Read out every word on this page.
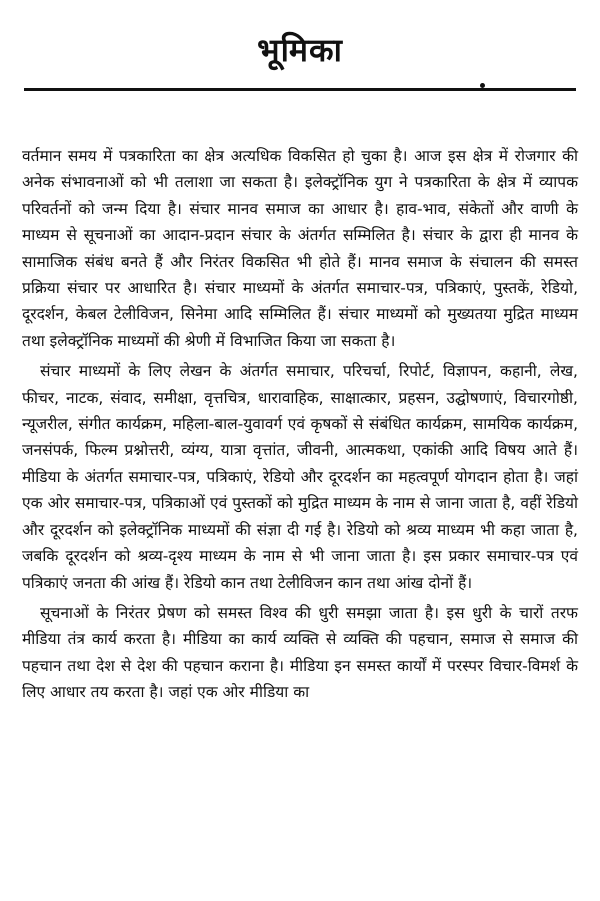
भूमिका

वर्तमान समय में पत्रकारिता का क्षेत्र अत्यधिक विकसित हो चुका है। आज इस क्षेत्र में रोजगार की अनेक संभावनाओं को भी तलाशा जा सकता है। इलेक्ट्रॉनिक युग ने पत्रकारिता के क्षेत्र में व्यापक परिवर्तनों को जन्म दिया है। संचार मानव समाज का आधार है। हाव-भाव, संकेतों और वाणी के माध्यम से सूचनाओं का आदान-प्रदान संचार के अंतर्गत सम्मिलित है। संचार के द्वारा ही मानव के सामाजिक संबंध बनते हैं और निरंतर विकसित भी होते हैं। मानव समाज के संचालन की समस्त प्रक्रिया संचार पर आधारित है। संचार माध्यमों के अंतर्गत समाचार-पत्र, पत्रिकाएं, पुस्तकें, रेडियो, दूरदर्शन, केबल टेलीविजन, सिनेमा आदि सम्मिलित हैं। संचार माध्यमों को मुख्यतया मुद्रित माध्यम तथा इलेक्ट्रॉनिक माध्यमों की श्रेणी में विभाजित किया जा सकता है।

संचार माध्यमों के लिए लेखन के अंतर्गत समाचार, परिचर्चा, रिपोर्ट, विज्ञापन, कहानी, लेख, फीचर, नाटक, संवाद, समीक्षा, वृत्तचित्र, धारावाहिक, साक्षात्कार, प्रहसन, उद्घोषणाएं, विचारगोष्ठी, न्यूजरील, संगीत कार्यक्रम, महिला-बाल-युवावर्ग एवं कृषकों से संबंधित कार्यक्रम, सामयिक कार्यक्रम, जनसंपर्क, फिल्म प्रश्नोत्तरी, व्यंग्य, यात्रा वृत्तांत, जीवनी, आत्मकथा, एकांकी आदि विषय आते हैं। मीडिया के अंतर्गत समाचार-पत्र, पत्रिकाएं, रेडियो और दूरदर्शन का महत्वपूर्ण योगदान होता है। जहां एक ओर समाचार-पत्र, पत्रिकाओं एवं पुस्तकों को मुद्रित माध्यम के नाम से जाना जाता है, वहीं रेडियो और दूरदर्शन को इलेक्ट्रॉनिक माध्यमों की संज्ञा दी गई है। रेडियो को श्रव्य माध्यम भी कहा जाता है, जबकि दूरदर्शन को श्रव्य-दृश्य माध्यम के नाम से भी जाना जाता है। इस प्रकार समाचार-पत्र एवं पत्रिकाएं जनता की आंख हैं। रेडियो कान तथा टेलीविजन कान तथा आंख दोनों हैं।

सूचनाओं के निरंतर प्रेषण को समस्त विश्व की धुरी समझा जाता है। इस धुरी के चारों तरफ मीडिया तंत्र कार्य करता है। मीडिया का कार्य व्यक्ति से व्यक्ति की पहचान, समाज से समाज की पहचान तथा देश से देश की पहचान कराना है। मीडिया इन समस्त कार्यों में परस्पर विचार-विमर्श के लिए आधार तय करता है। जहां एक ओर मीडिया का
